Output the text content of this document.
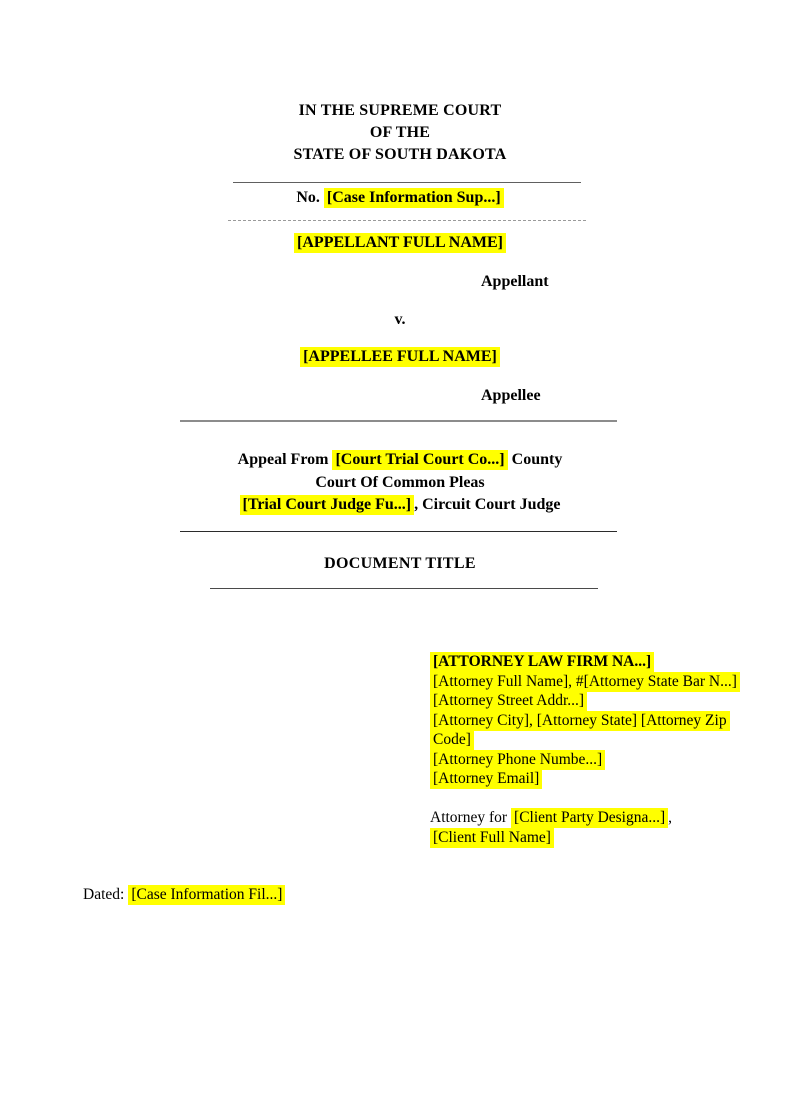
IN THE SUPREME COURT
OF THE
STATE OF SOUTH DAKOTA
No. [Case Information Sup...]
[APPELLANT FULL NAME]
Appellant
v.
[APPELLEE FULL NAME]
Appellee
Appeal From [Court Trial Court Co...] County
Court Of Common Pleas
[Trial Court Judge Fu...] , Circuit Court Judge
DOCUMENT TITLE
[ATTORNEY LAW FIRM NA...]
[Attorney Full Name], #[Attorney State Bar N...]
[Attorney Street Addr...]
[Attorney City], [Attorney State] [Attorney Zip Code]
[Attorney Phone Numbe...]
[Attorney Email]
Attorney for [Client Party Designa...] ,
[Client Full Name]
Dated: [Case Information Fil...]
